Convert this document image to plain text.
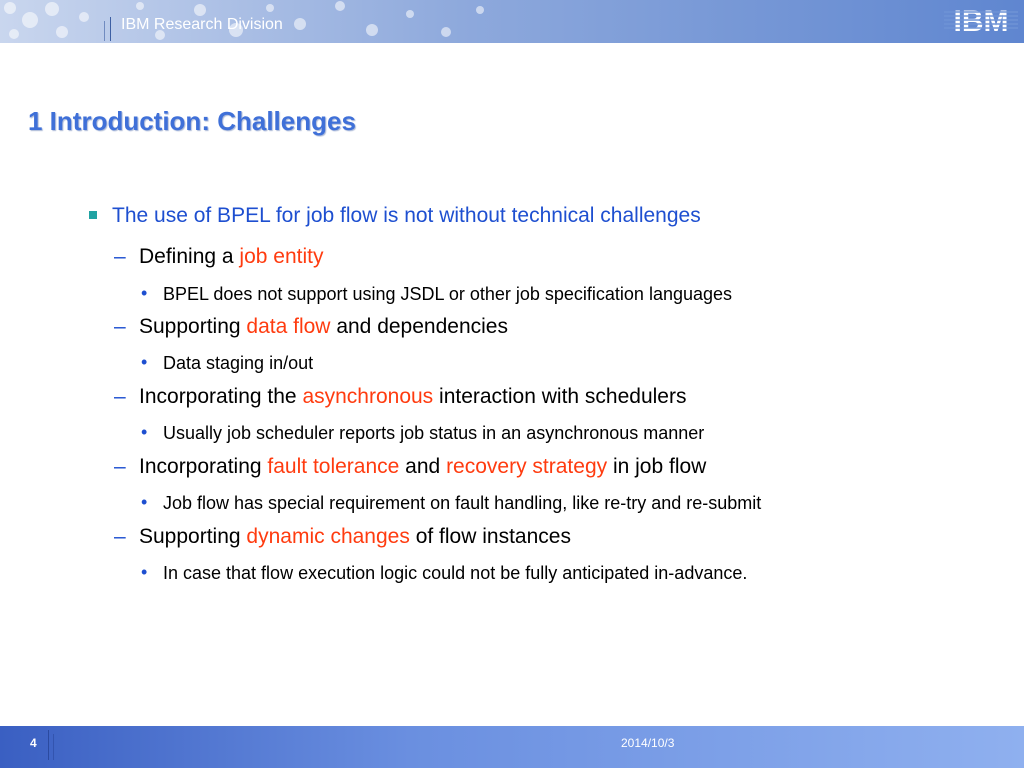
IBM Research Division	IBM
1 Introduction: Challenges
The use of BPEL for job flow is not without technical challenges
– Defining a job entity
• BPEL does not support using JSDL or other job specification languages
– Supporting data flow and dependencies
• Data staging in/out
– Incorporating the asynchronous interaction with schedulers
• Usually job scheduler reports job status in an asynchronous manner
– Incorporating fault tolerance and recovery strategy in job flow
• Job flow has special requirement on fault handling, like re-try and re-submit
– Supporting dynamic changes of flow instances
• In case that flow execution logic could not be fully anticipated in-advance.
4	2014/10/3
